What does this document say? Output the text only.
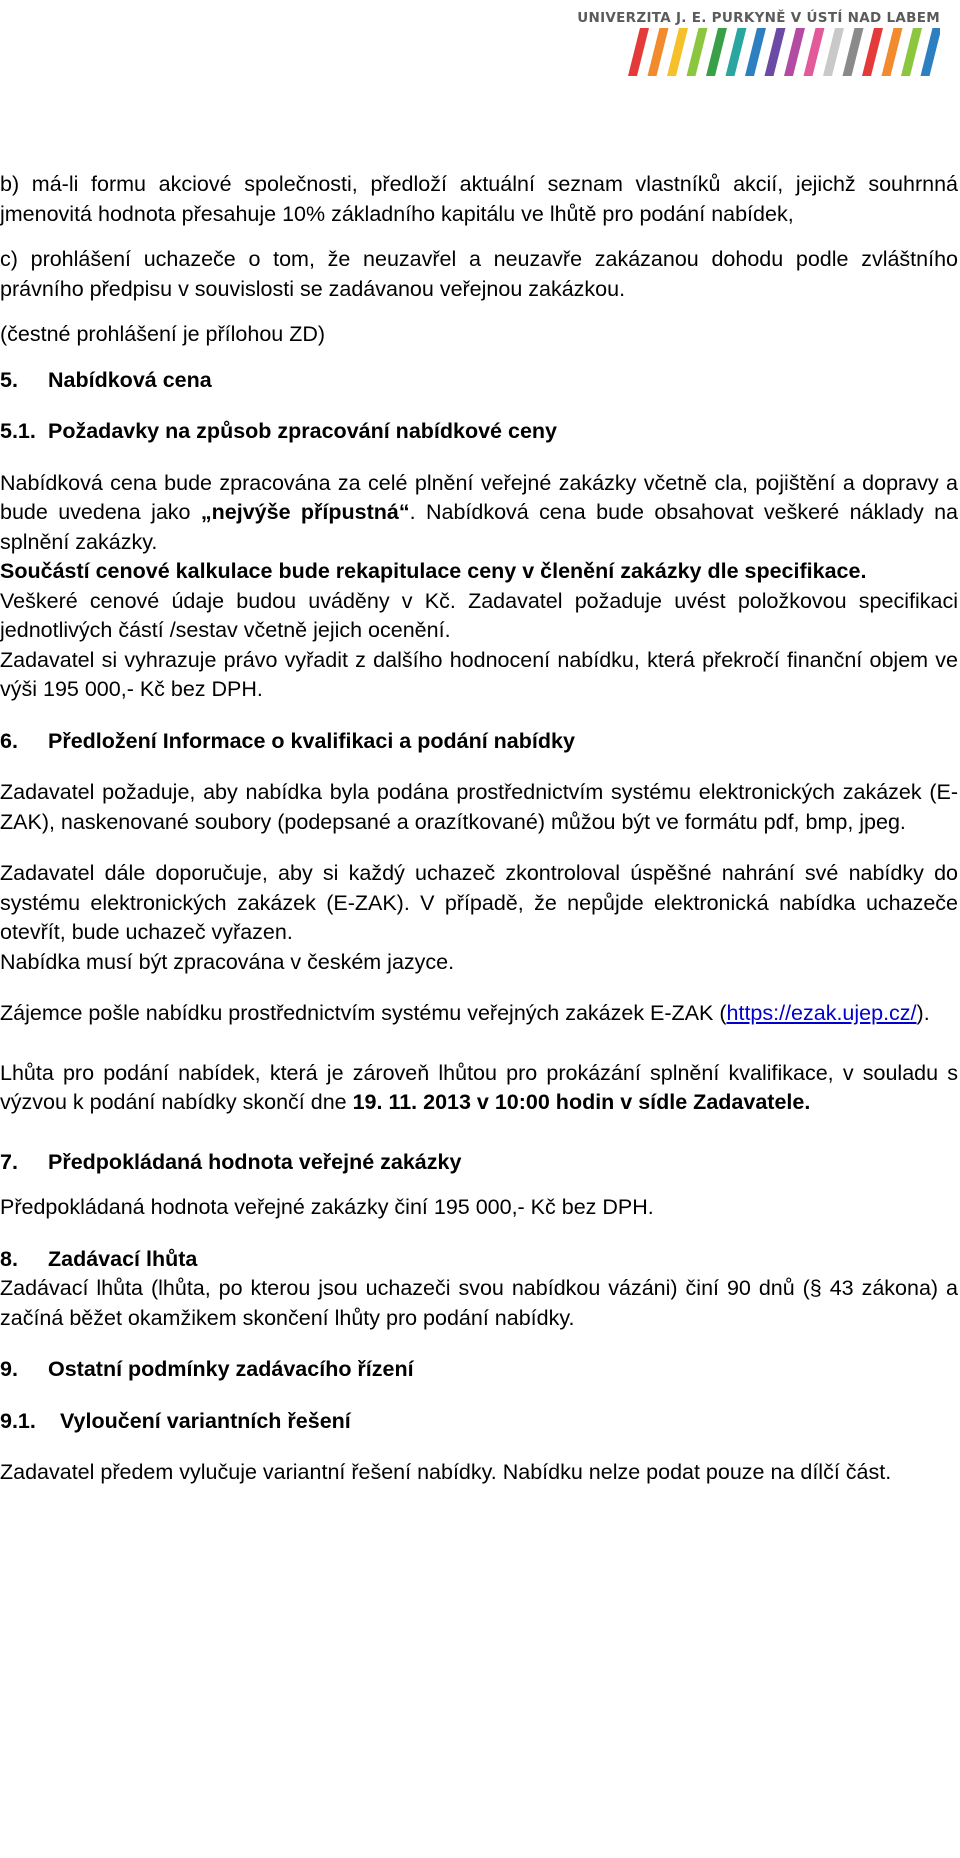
UNIVERZITA J. E. PURKYNĚ V ÚSTÍ NAD LABEM

b) má-li formu akciové společnosti, předloží aktuální seznam vlastníků akcií, jejichž souhrnná jmenovitá hodnota přesahuje 10% základního kapitálu ve lhůtě pro podání nabídek,

c) prohlášení uchazeče o tom, že neuzavřel a neuzavře zakázanou dohodu podle zvláštního právního předpisu v souvislosti se zadávanou veřejnou zakázkou.

(čestné prohlášení je přílohou ZD)

5. Nabídková cena

5.1. Požadavky na způsob zpracování nabídkové ceny

Nabídková cena bude zpracována za celé plnění veřejné zakázky včetně cla, pojištění a dopravy a bude uvedena jako „nejvýše přípustná“. Nabídková cena bude obsahovat veškeré náklady na splnění zakázky.

Součástí cenové kalkulace bude rekapitulace ceny v členění zakázky dle specifikace.

Veškeré cenové údaje budou uváděny v Kč. Zadavatel požaduje uvést položkovou specifikaci jednotlivých částí /sestav včetně jejich ocenění.

Zadavatel si vyhrazuje právo vyřadit z dalšího hodnocení nabídku, která překročí finanční objem ve výši 195 000,- Kč bez DPH.

6. Předložení Informace o kvalifikaci a podání nabídky

Zadavatel požaduje, aby nabídka byla podána prostřednictvím systému elektronických zakázek (E-ZAK), naskenované soubory (podepsané a orazítkované) můžou být ve formátu pdf, bmp, jpeg.

Zadavatel dále doporučuje, aby si každý uchazeč zkontroloval úspěšné nahrání své nabídky do systému elektronických zakázek (E-ZAK). V případě, že nepůjde elektronická nabídka uchazeče otevřít, bude uchazeč vyřazen.

Nabídka musí být zpracována v českém jazyce.

Zájemce pošle nabídku prostřednictvím systému veřejných zakázek E-ZAK (https://ezak.ujep.cz/).

Lhůta pro podání nabídek, která je zároveň lhůtou pro prokázání splnění kvalifikace, v souladu s výzvou k podání nabídky skončí dne 19. 11. 2013 v 10:00 hodin v sídle Zadavatele.

7. Předpokládaná hodnota veřejné zakázky

Předpokládaná hodnota veřejné zakázky činí 195 000,- Kč bez DPH.

8. Zadávací lhůta

Zadávací lhůta (lhůta, po kterou jsou uchazeči svou nabídkou vázáni) činí 90 dnů (§ 43 zákona) a začíná běžet okamžikem skončení lhůty pro podání nabídky.

9. Ostatní podmínky zadávacího řízení

9.1. Vyloučení variantních řešení

Zadavatel předem vylučuje variantní řešení nabídky. Nabídku nelze podat pouze na dílčí část.
